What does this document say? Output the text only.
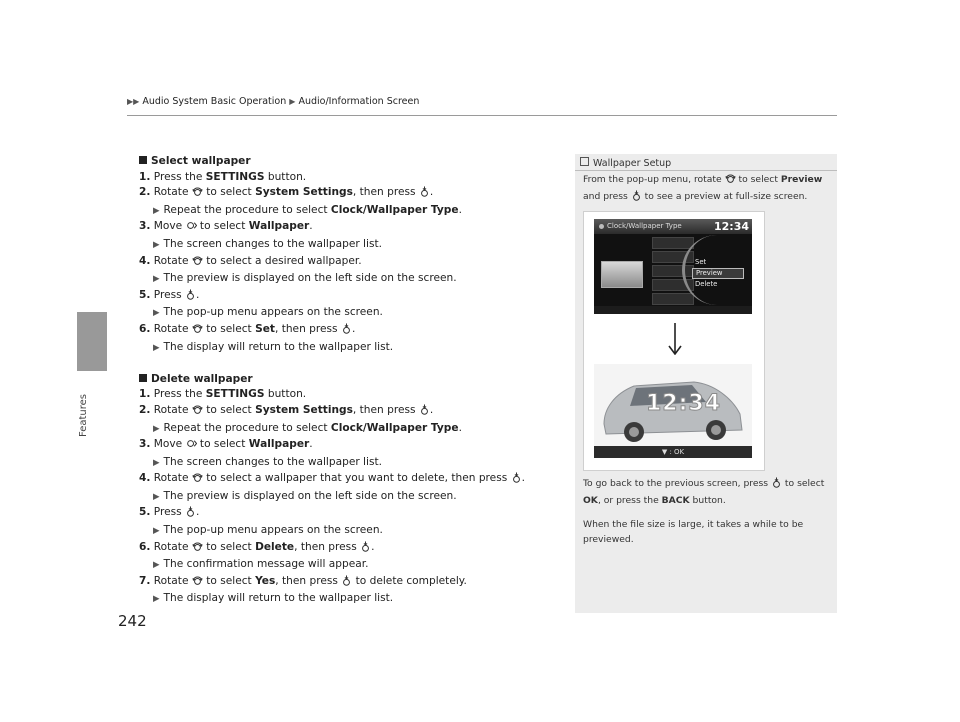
▶▶ Audio System Basic Operation ▶ Audio/Information Screen
Features
242
Select wallpaper
1. Press the SETTINGS button.
2. Rotate  to select System Settings, then press .
▶ Repeat the procedure to select Clock/Wallpaper Type.
3. Move  to select Wallpaper.
▶ The screen changes to the wallpaper list.
4. Rotate  to select a desired wallpaper.
▶ The preview is displayed on the left side on the screen.
5. Press .
▶ The pop-up menu appears on the screen.
6. Rotate  to select Set, then press .
▶ The display will return to the wallpaper list.
Delete wallpaper
1. Press the SETTINGS button.
2. Rotate  to select System Settings, then press .
▶ Repeat the procedure to select Clock/Wallpaper Type.
3. Move  to select Wallpaper.
▶ The screen changes to the wallpaper list.
4. Rotate  to select a wallpaper that you want to delete, then press .
▶ The preview is displayed on the left side on the screen.
5. Press .
▶ The pop-up menu appears on the screen.
6. Rotate  to select Delete, then press .
▶ The confirmation message will appear.
7. Rotate  to select Yes, then press  to delete completely.
▶ The display will return to the wallpaper list.
Wallpaper Setup
From the pop-up menu, rotate  to select Preview
and press  to see a preview at full-size screen.
Clock/Wallpaper Type	12:34
Set
Preview
Delete
12:34
▼ : OK
To go back to the previous screen, press  to select
OK, or press the BACK button.
When the file size is large, it takes a while to be previewed.
